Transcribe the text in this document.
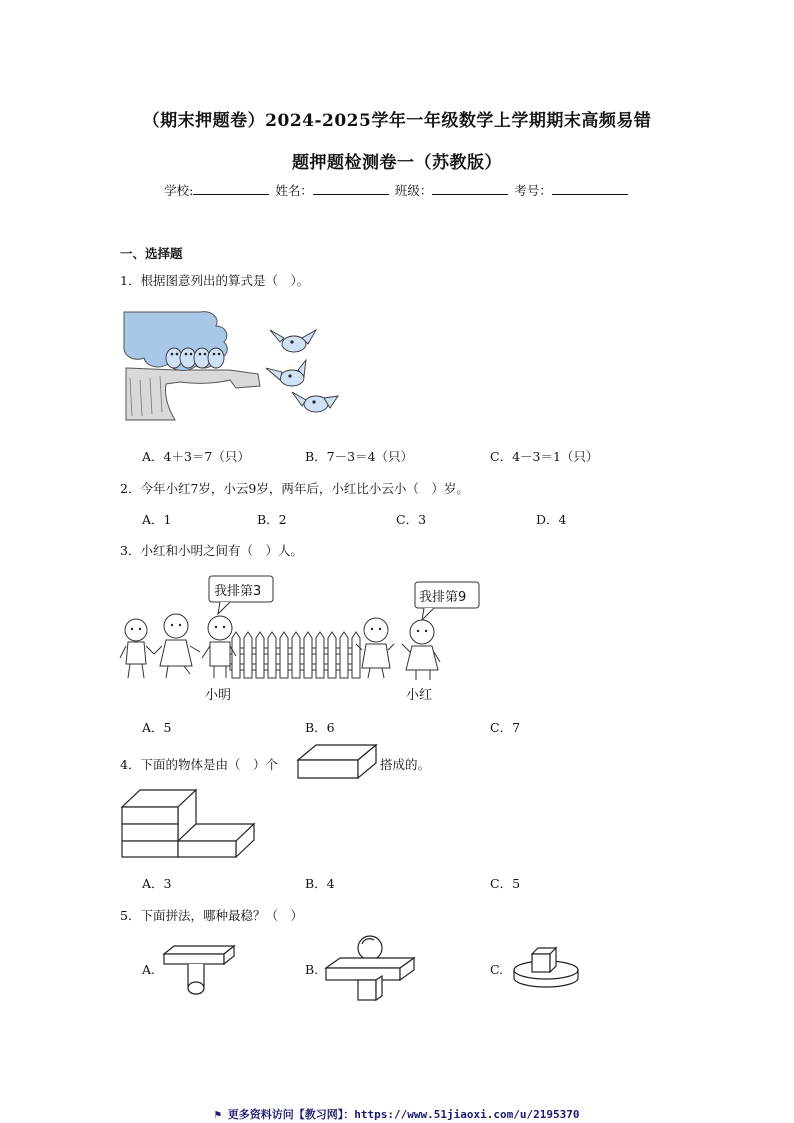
（期末押题卷）2024-2025学年一年级数学上学期期末高频易错
题押题检测卷一（苏教版）
学校:	姓名：	班级：	考号：
一、选择题
1．根据图意列出的算式是（　）。
A．4＋3＝7（只）	B．7－3＝4（只）	C．4－3＝1（只）
2．今年小红7岁，小云9岁，两年后，小红比小云小（　）岁。
A．1	B．2	C．3	D．4
3．小红和小明之间有（　）人。
我排第3	我排第9
小明	小红
A．5	B．6	C．7
4．下面的物体是由（　）个	搭成的。
A．3	B．4	C．5
5．下面拼法，哪种最稳？（　）
A.	B.	C.
⚑ 更多资料访问【教习网】：https://www.51jiaoxi.com/u/2195370
